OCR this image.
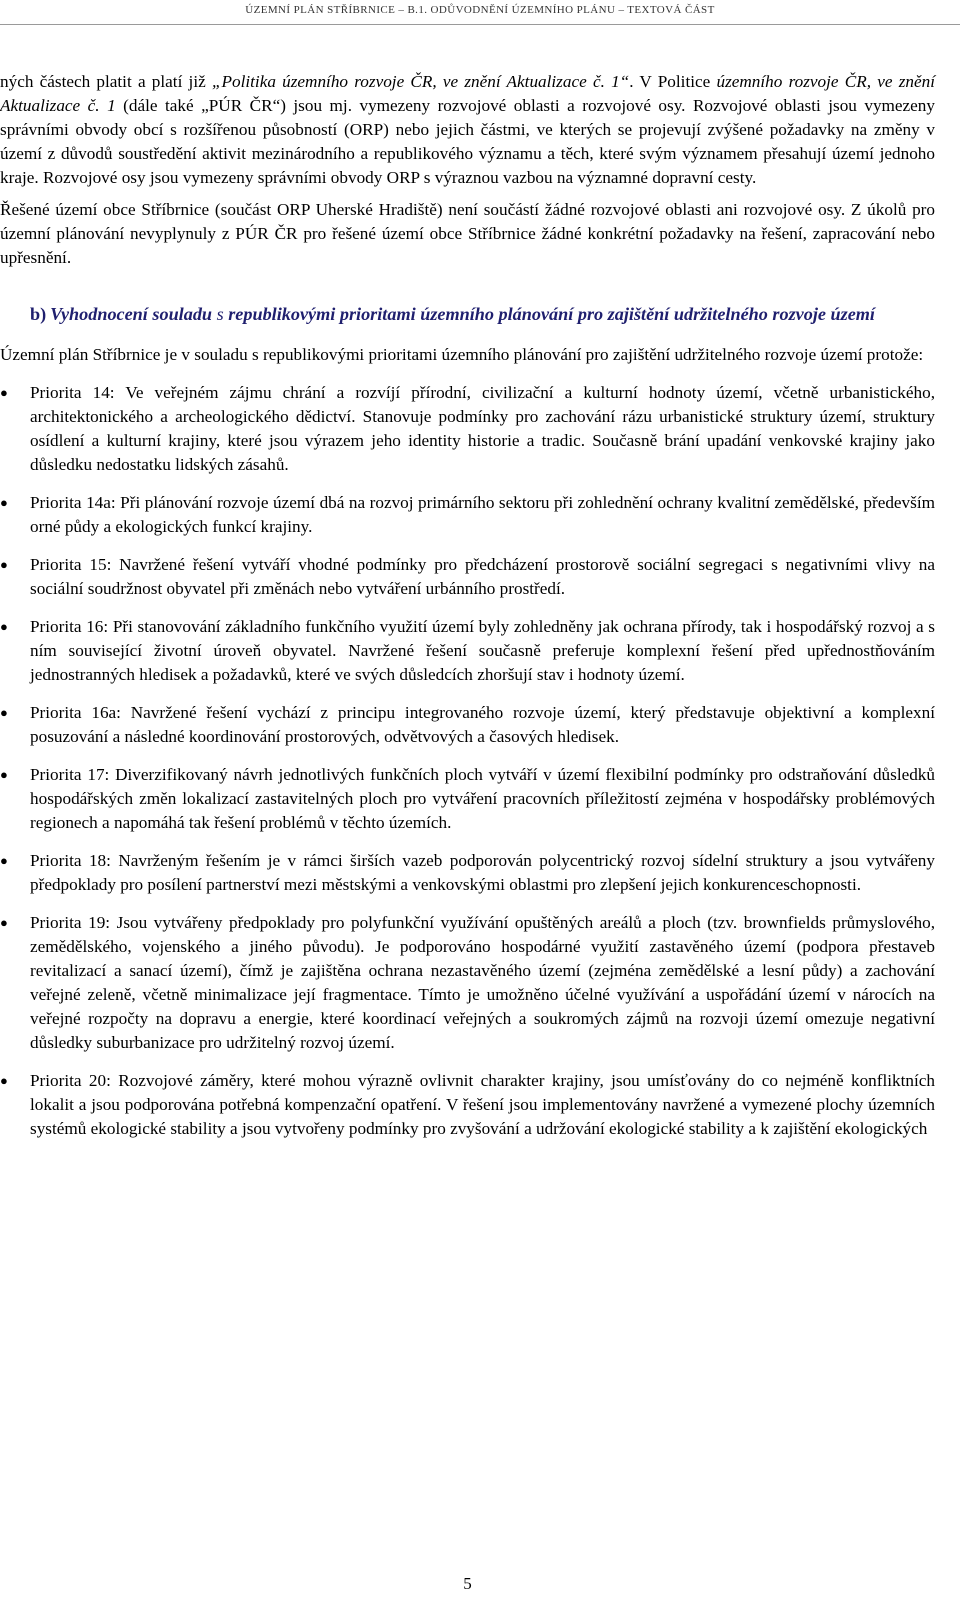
ÚZEMNÍ PLÁN STŘÍBRNICE – B.1. ODŮVODNĚNÍ ÚZEMNÍHO PLÁNU – TEXTOVÁ ČÁST

ných částech platit a platí již „Politika územního rozvoje ČR, ve znění Aktualizace č. 1“. V Politice územního rozvoje ČR, ve znění Aktualizace č. 1 (dále také „PÚR ČR“) jsou mj. vymezeny rozvojové oblasti a rozvojové osy. Rozvojové oblasti jsou vymezeny správními obvody obcí s rozšířenou působností (ORP) nebo jejich částmi, ve kterých se projevují zvýšené požadavky na změny v území z důvodů soustředění aktivit mezinárodního a republikového významu a těch, které svým významem přesahují území jednoho kraje. Rozvojové osy jsou vymezeny správními obvody ORP s výraznou vazbou na významné dopravní cesty.

Řešené území obce Stříbrnice (součást ORP Uherské Hradiště) není součástí žádné rozvojové oblasti ani rozvojové osy. Z úkolů pro územní plánování nevyplynuly z PÚR ČR pro řešené území obce Stříbrnice žádné konkrétní požadavky na řešení, zapracování nebo upřesnění.

b) Vyhodnocení souladu s republikovými prioritami územního plánování pro zajištění udržitelného rozvoje území

Územní plán Stříbrnice je v souladu s republikovými prioritami územního plánování pro zajištění udržitelného rozvoje území protože:

● Priorita 14: Ve veřejném zájmu chrání a rozvíjí přírodní, civilizační a kulturní hodnoty území, včetně urbanistického, architektonického a archeologického dědictví. Stanovuje podmínky pro zachování rázu urbanistické struktury území, struktury osídlení a kulturní krajiny, které jsou výrazem jeho identity historie a tradic. Současně brání upadání venkovské krajiny jako důsledku nedostatku lidských zásahů.
● Priorita 14a: Při plánování rozvoje území dbá na rozvoj primárního sektoru při zohlednění ochrany kvalitní zemědělské, především orné půdy a ekologických funkcí krajiny.
● Priorita 15: Navržené řešení vytváří vhodné podmínky pro předcházení prostorově sociální segregaci s negativními vlivy na sociální soudržnost obyvatel při změnách nebo vytváření urbánního prostředí.
● Priorita 16: Při stanovování základního funkčního využití území byly zohledněny jak ochrana přírody, tak i hospodářský rozvoj a s ním související životní úroveň obyvatel. Navržené řešení současně preferuje komplexní řešení před upřednostňováním jednostranných hledisek a požadavků, které ve svých důsledcích zhoršují stav i hodnoty území.
● Priorita 16a: Navržené řešení vychází z principu integrovaného rozvoje území, který představuje objektivní a komplexní posuzování a následné koordinování prostorových, odvětvových a časových hledisek.
● Priorita 17: Diverzifikovaný návrh jednotlivých funkčních ploch vytváří v území flexibilní podmínky pro odstraňování důsledků hospodářských změn lokalizací zastavitelných ploch pro vytváření pracovních příležitostí zejména v hospodářsky problémových regionech a napomáhá tak řešení problémů v těchto územích.
● Priorita 18: Navrženým řešením je v rámci širších vazeb podporován polycentrický rozvoj sídelní struktury a jsou vytvářeny předpoklady pro posílení partnerství mezi městskými a venkovskými oblastmi pro zlepšení jejich konkurenceschopnosti.
● Priorita 19: Jsou vytvářeny předpoklady pro polyfunkční využívání opuštěných areálů a ploch (tzv. brownfields průmyslového, zemědělského, vojenského a jiného původu). Je podporováno hospodárné využití zastavěného území (podpora přestaveb revitalizací a sanací území), čímž je zajištěna ochrana nezastavěného území (zejména zemědělské a lesní půdy) a zachování veřejné zeleně, včetně minimalizace její fragmentace. Tímto je umožněno účelné využívání a uspořádání území v nárocích na veřejné rozpočty na dopravu a energie, které koordinací veřejných a soukromých zájmů na rozvoji území omezuje negativní důsledky suburbanizace pro udržitelný rozvoj území.
● Priorita 20: Rozvojové záměry, které mohou výrazně ovlivnit charakter krajiny, jsou umísťovány do co nejméně konfliktních lokalit a jsou podporována potřebná kompenzační opatření. V řešení jsou implementovány navržené a vymezené plochy územních systémů ekologické stability a jsou vytvořeny podmínky pro zvyšování a udržování ekologické stability a k zajištění ekologických
5
